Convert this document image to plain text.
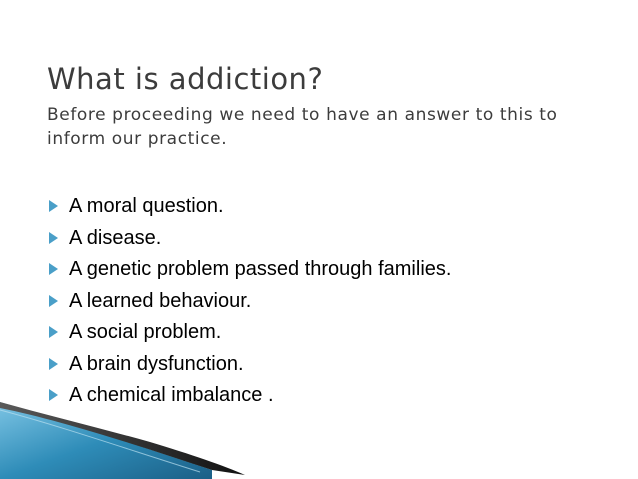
What is addiction?

Before proceeding we need to have an answer to this to inform our practice.

A moral question.
A disease.
A genetic problem passed through families.
A learned behaviour.
A social problem.
A brain dysfunction.
A chemical imbalance .
